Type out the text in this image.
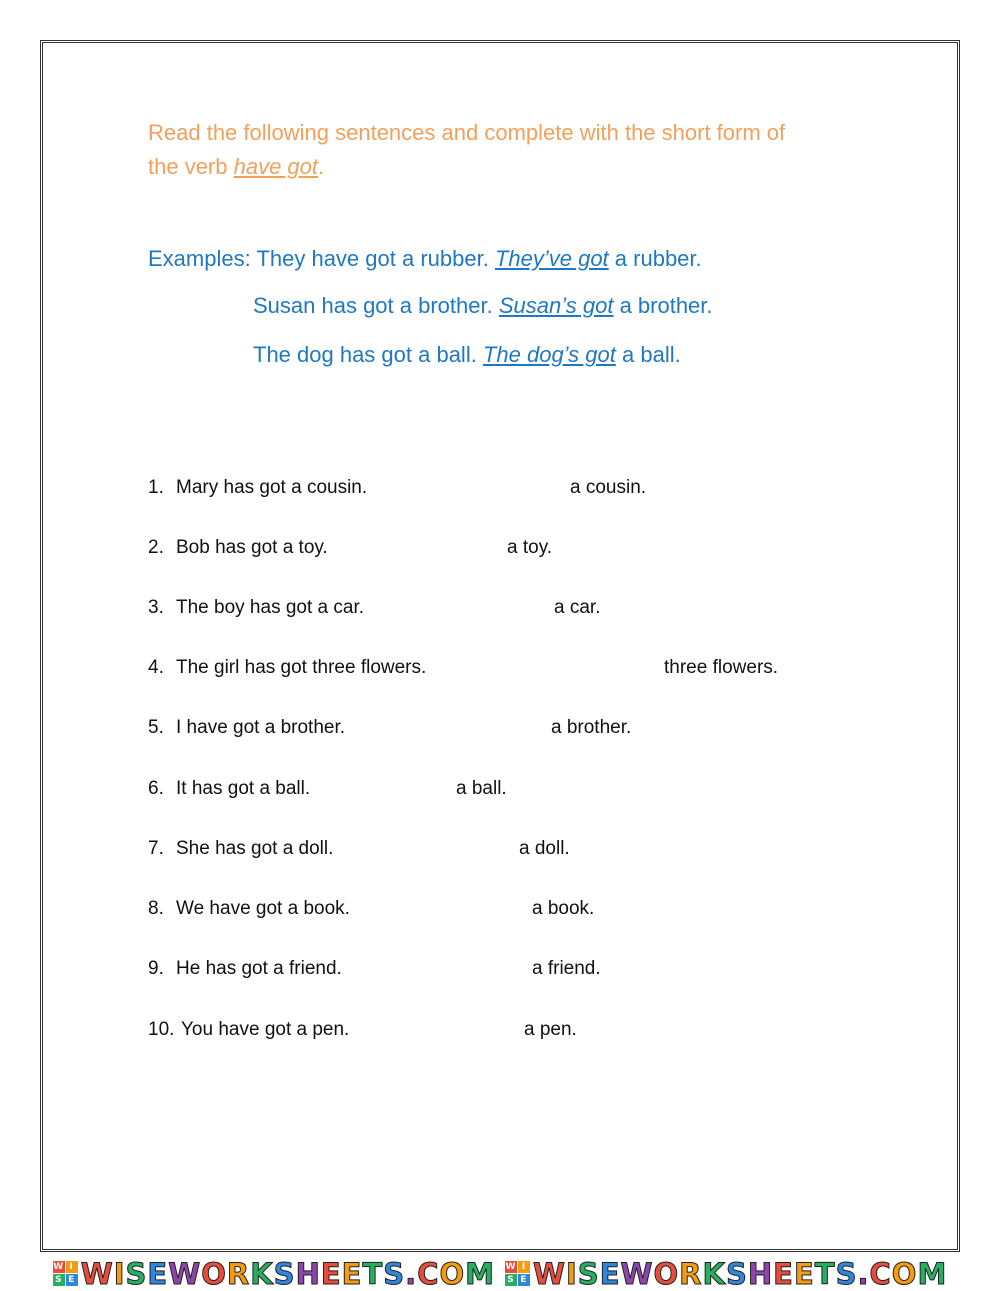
Read the following sentences and complete with the short form of
the verb have got.
Examples: They have got a rubber. They’ve got a rubber.
Susan has got a brother. Susan’s got a brother.
The dog has got a ball. The dog’s got a ball.
1. Mary has got a cousin.	a cousin.
2. Bob has got a toy.	a toy.
3. The boy has got a car.	a car.
4. The girl has got three flowers.	three flowers.
5. I have got a brother.	a brother.
6. It has got a ball.	a ball.
7. She has got a doll.	a doll.
8. We have got a book.	a book.
9. He has got a friend.	a friend.
10. You have got a pen.	a pen.
W I
S E WISEWORKSHEETS.COM W I
S E WISEWORKSHEETS.COM
